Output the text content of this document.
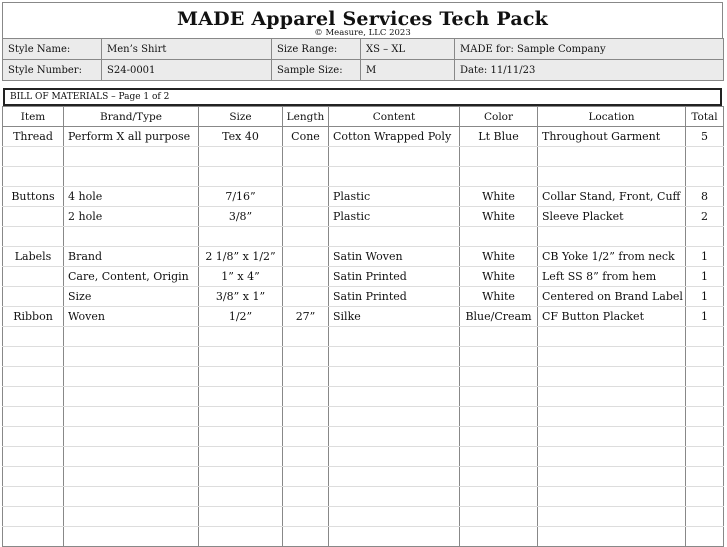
MADE Apparel Services Tech Pack
© Measure, LLC 2023
Style Name:	Men’s Shirt	Size Range:	XS – XL	MADE for: Sample Company
Style Number:	S24-0001	Sample Size:	M	Date: 11/11/23
BILL OF MATERIALS – Page 1 of 2
Item	Brand/Type	Size	Length	Content	Color	Location	Total
Thread	Perform X all purpose	Tex 40	Cone	Cotton Wrapped Poly	Lt Blue	Throughout Garment	5

Buttons	4 hole	7/16”		Plastic	White	Collar Stand, Front, Cuff	8
	2 hole	3/8”		Plastic	White	Sleeve Placket	2

Labels	Brand	2 1/8” x 1/2”		Satin Woven	White	CB Yoke 1/2” from neck	1
	Care, Content, Origin	1” x 4”		Satin Printed	White	Left SS 8” from hem	1
	Size	3/8” x 1”		Satin Printed	White	Centered on Brand Label	1
Ribbon	Woven	1/2”	27”	Silke	Blue/Cream	CF Button Placket	1
